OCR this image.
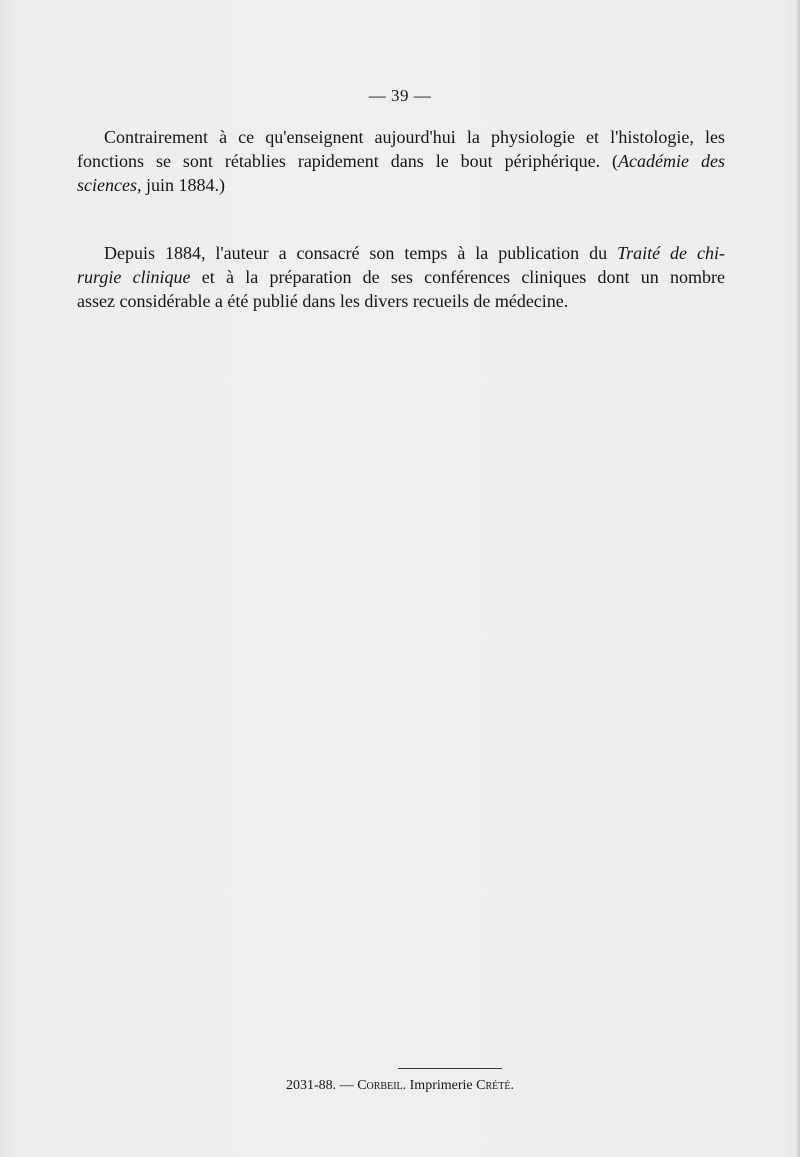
— 39 —

Contrairement à ce qu'enseignent aujourd'hui la physiologie et l'histologie, les
fonctions se sont rétablies rapidement dans le bout périphérique. (Académie des
sciences, juin 1884.)

Depuis 1884, l'auteur a consacré son temps à la publication du Traité de chi-
rurgie clinique et à la préparation de ses conférences cliniques dont un nombre
assez considérable a été publié dans les divers recueils de médecine.

2031-88. — Corbeil. Imprimerie Crété.
